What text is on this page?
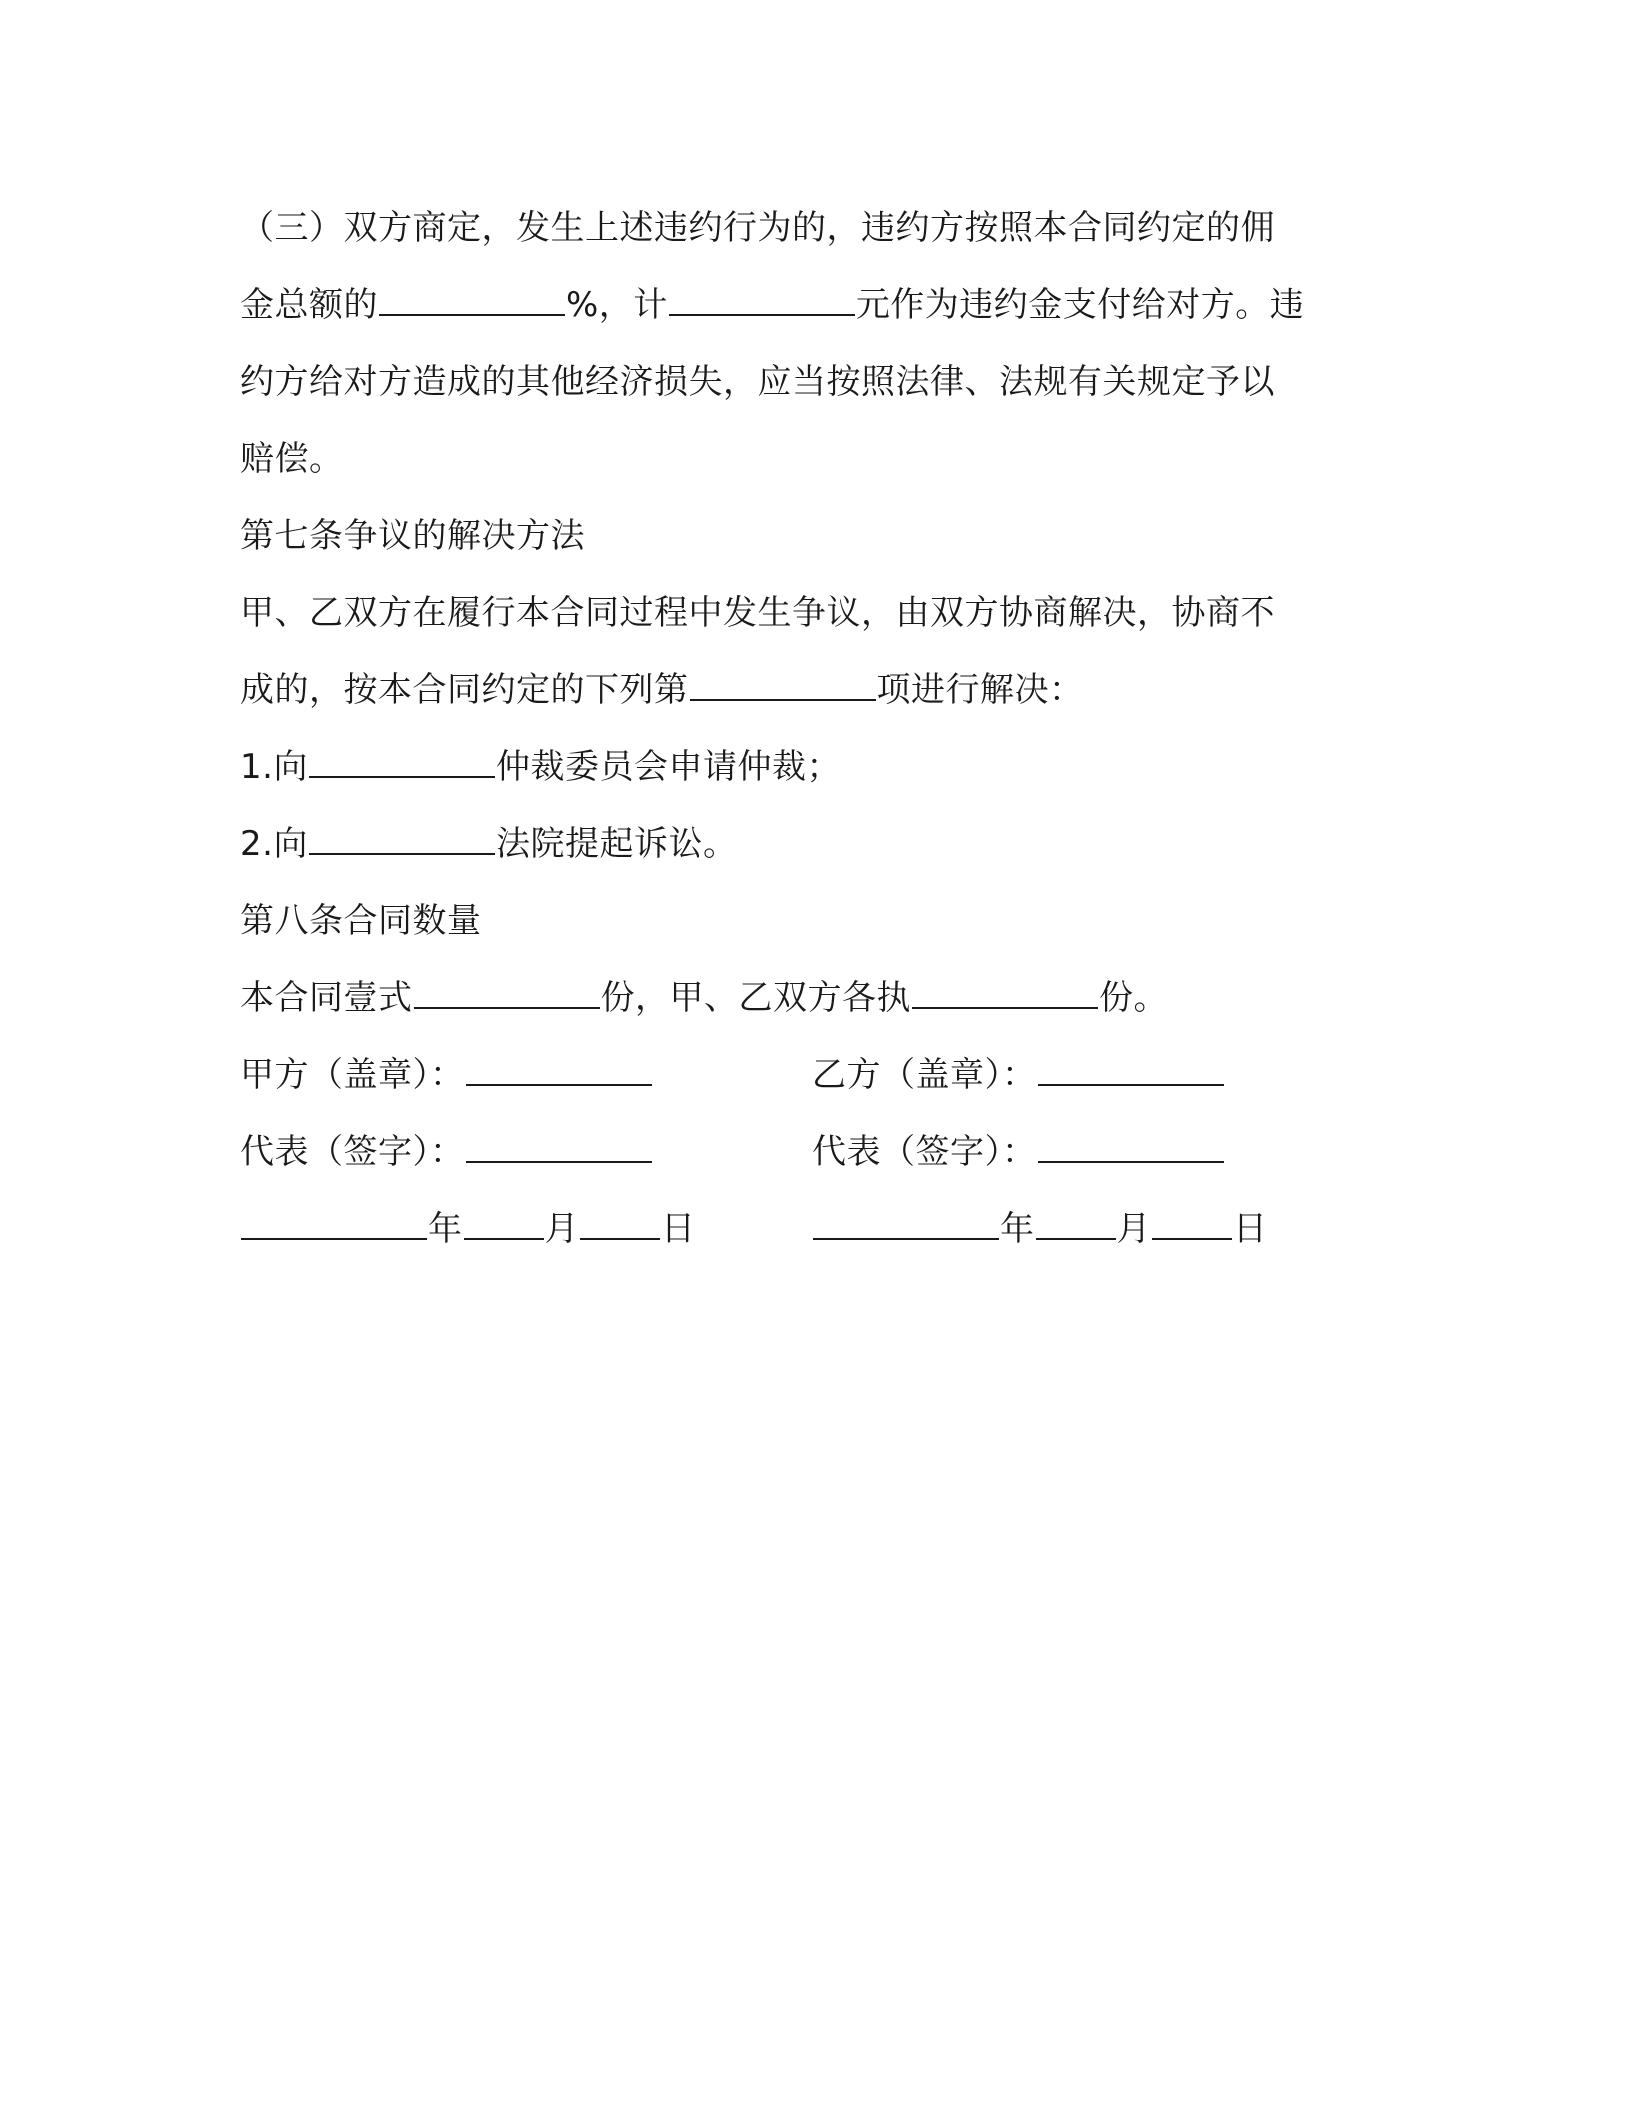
（三）双方商定，发生上述违约行为的，违约方按照本合同约定的佣
金总额的	%，计	元作为违约金支付给对方。违
约方给对方造成的其他经济损失，应当按照法律、法规有关规定予以
赔偿。
第七条争议的解决方法
甲、乙双方在履行本合同过程中发生争议，由双方协商解决，协商不
成的，按本合同约定的下列第	项进行解决：
1.向	仲裁委员会申请仲裁；
2.向	法院提起诉讼。
第八条合同数量
本合同壹式	份，甲、乙双方各执	份。
甲方（盖章）：	乙方（盖章）：
代表（签字）：	代表（签字）：
年 月 日	年 月 日
